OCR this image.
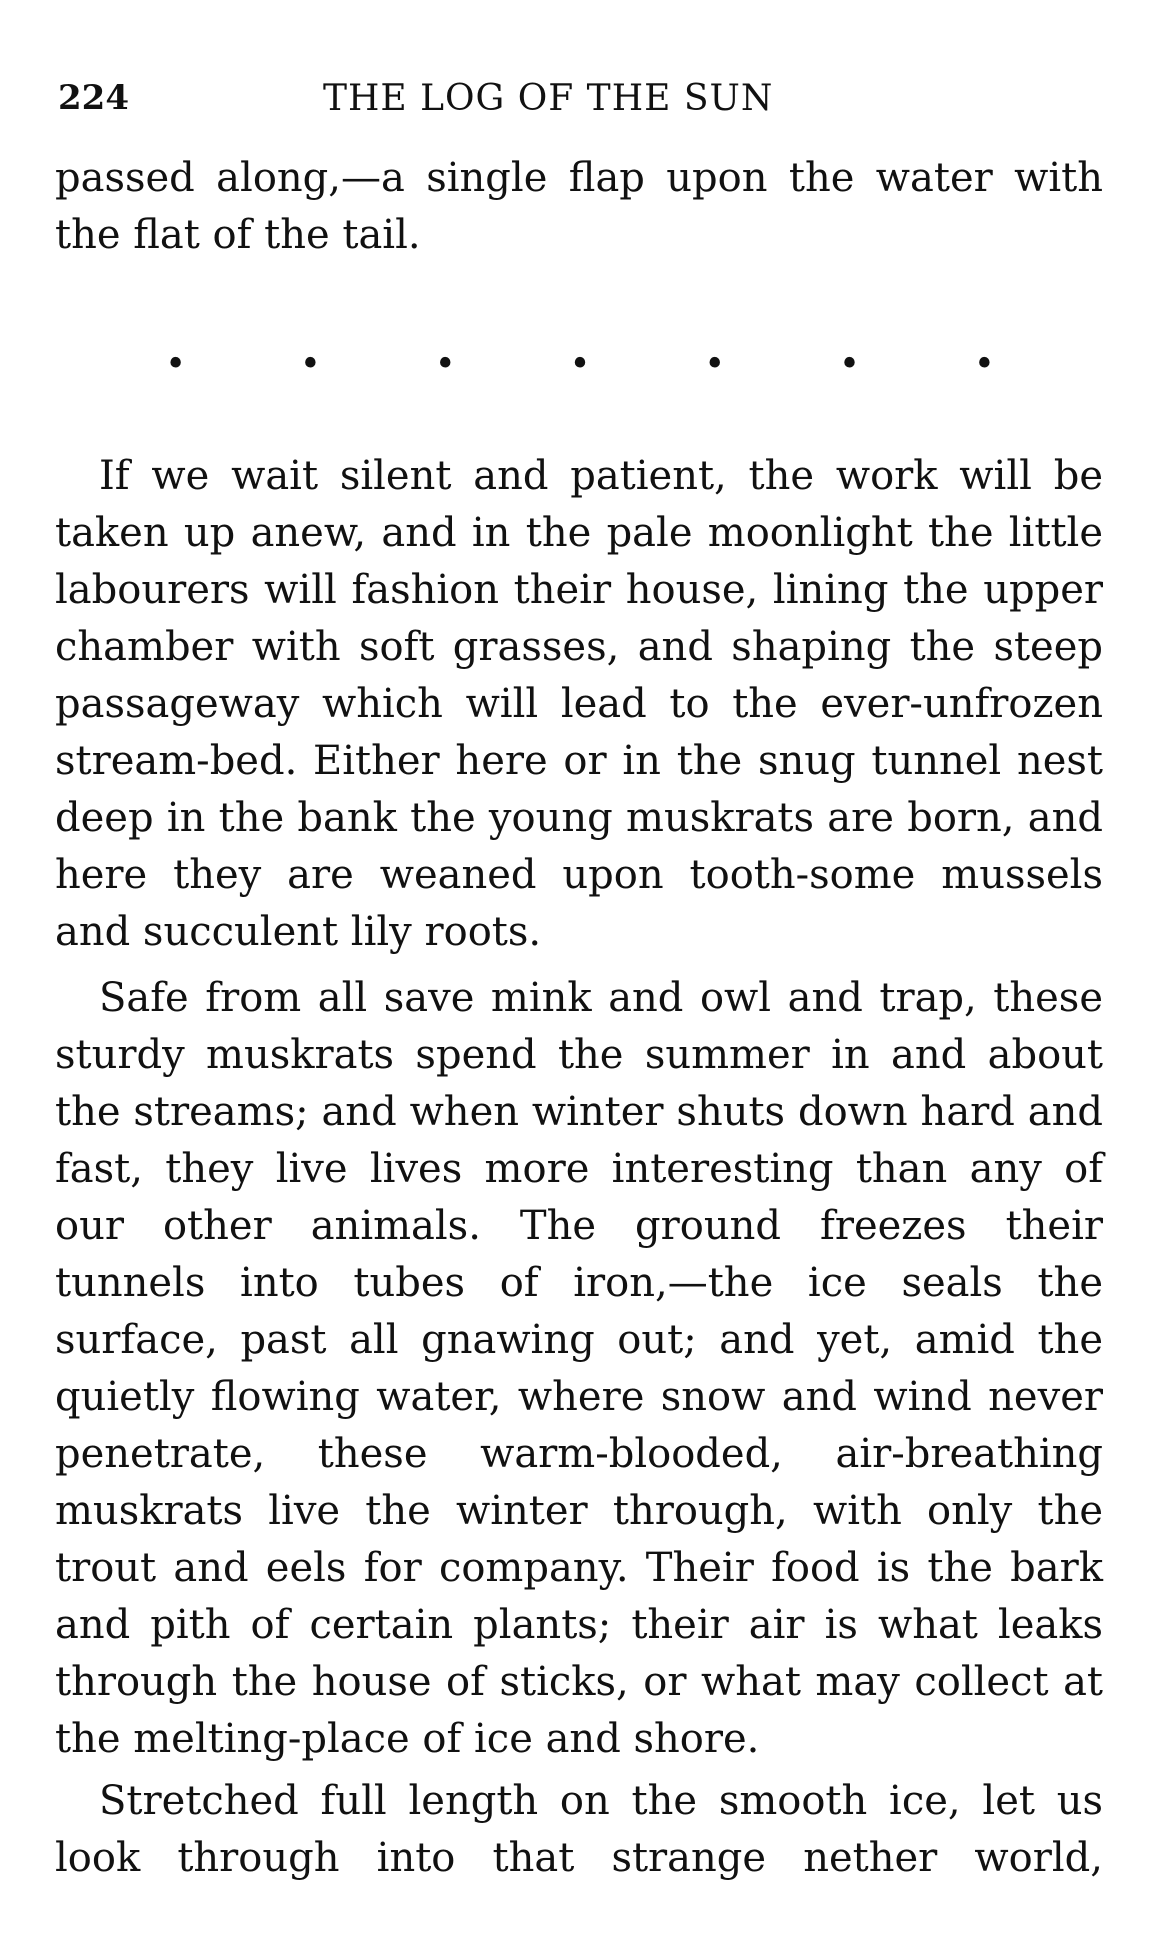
224	THE LOG OF THE SUN

passed along,—a single flap upon the water with the flat of the tail.

•	•	•	•	•	•	•

If we wait silent and patient, the work will be taken up anew, and in the pale moonlight the little labourers will fashion their house, lining the upper chamber with soft grasses, and shaping the steep passageway which will lead to the ever-unfrozen stream-bed. Either here or in the snug tunnel nest deep in the bank the young muskrats are born, and here they are weaned upon tooth-some mussels and succulent lily roots.

Safe from all save mink and owl and trap, these sturdy muskrats spend the summer in and about the streams; and when winter shuts down hard and fast, they live lives more interesting than any of our other animals. The ground freezes their tunnels into tubes of iron,—the ice seals the surface, past all gnawing out; and yet, amid the quietly flowing water, where snow and wind never penetrate, these warm-blooded, air-breathing muskrats live the winter through, with only the trout and eels for company. Their food is the bark and pith of certain plants; their air is what leaks through the house of sticks, or what may collect at the melting-place of ice and shore.

Stretched full length on the smooth ice, let us look through into that strange nether world,
